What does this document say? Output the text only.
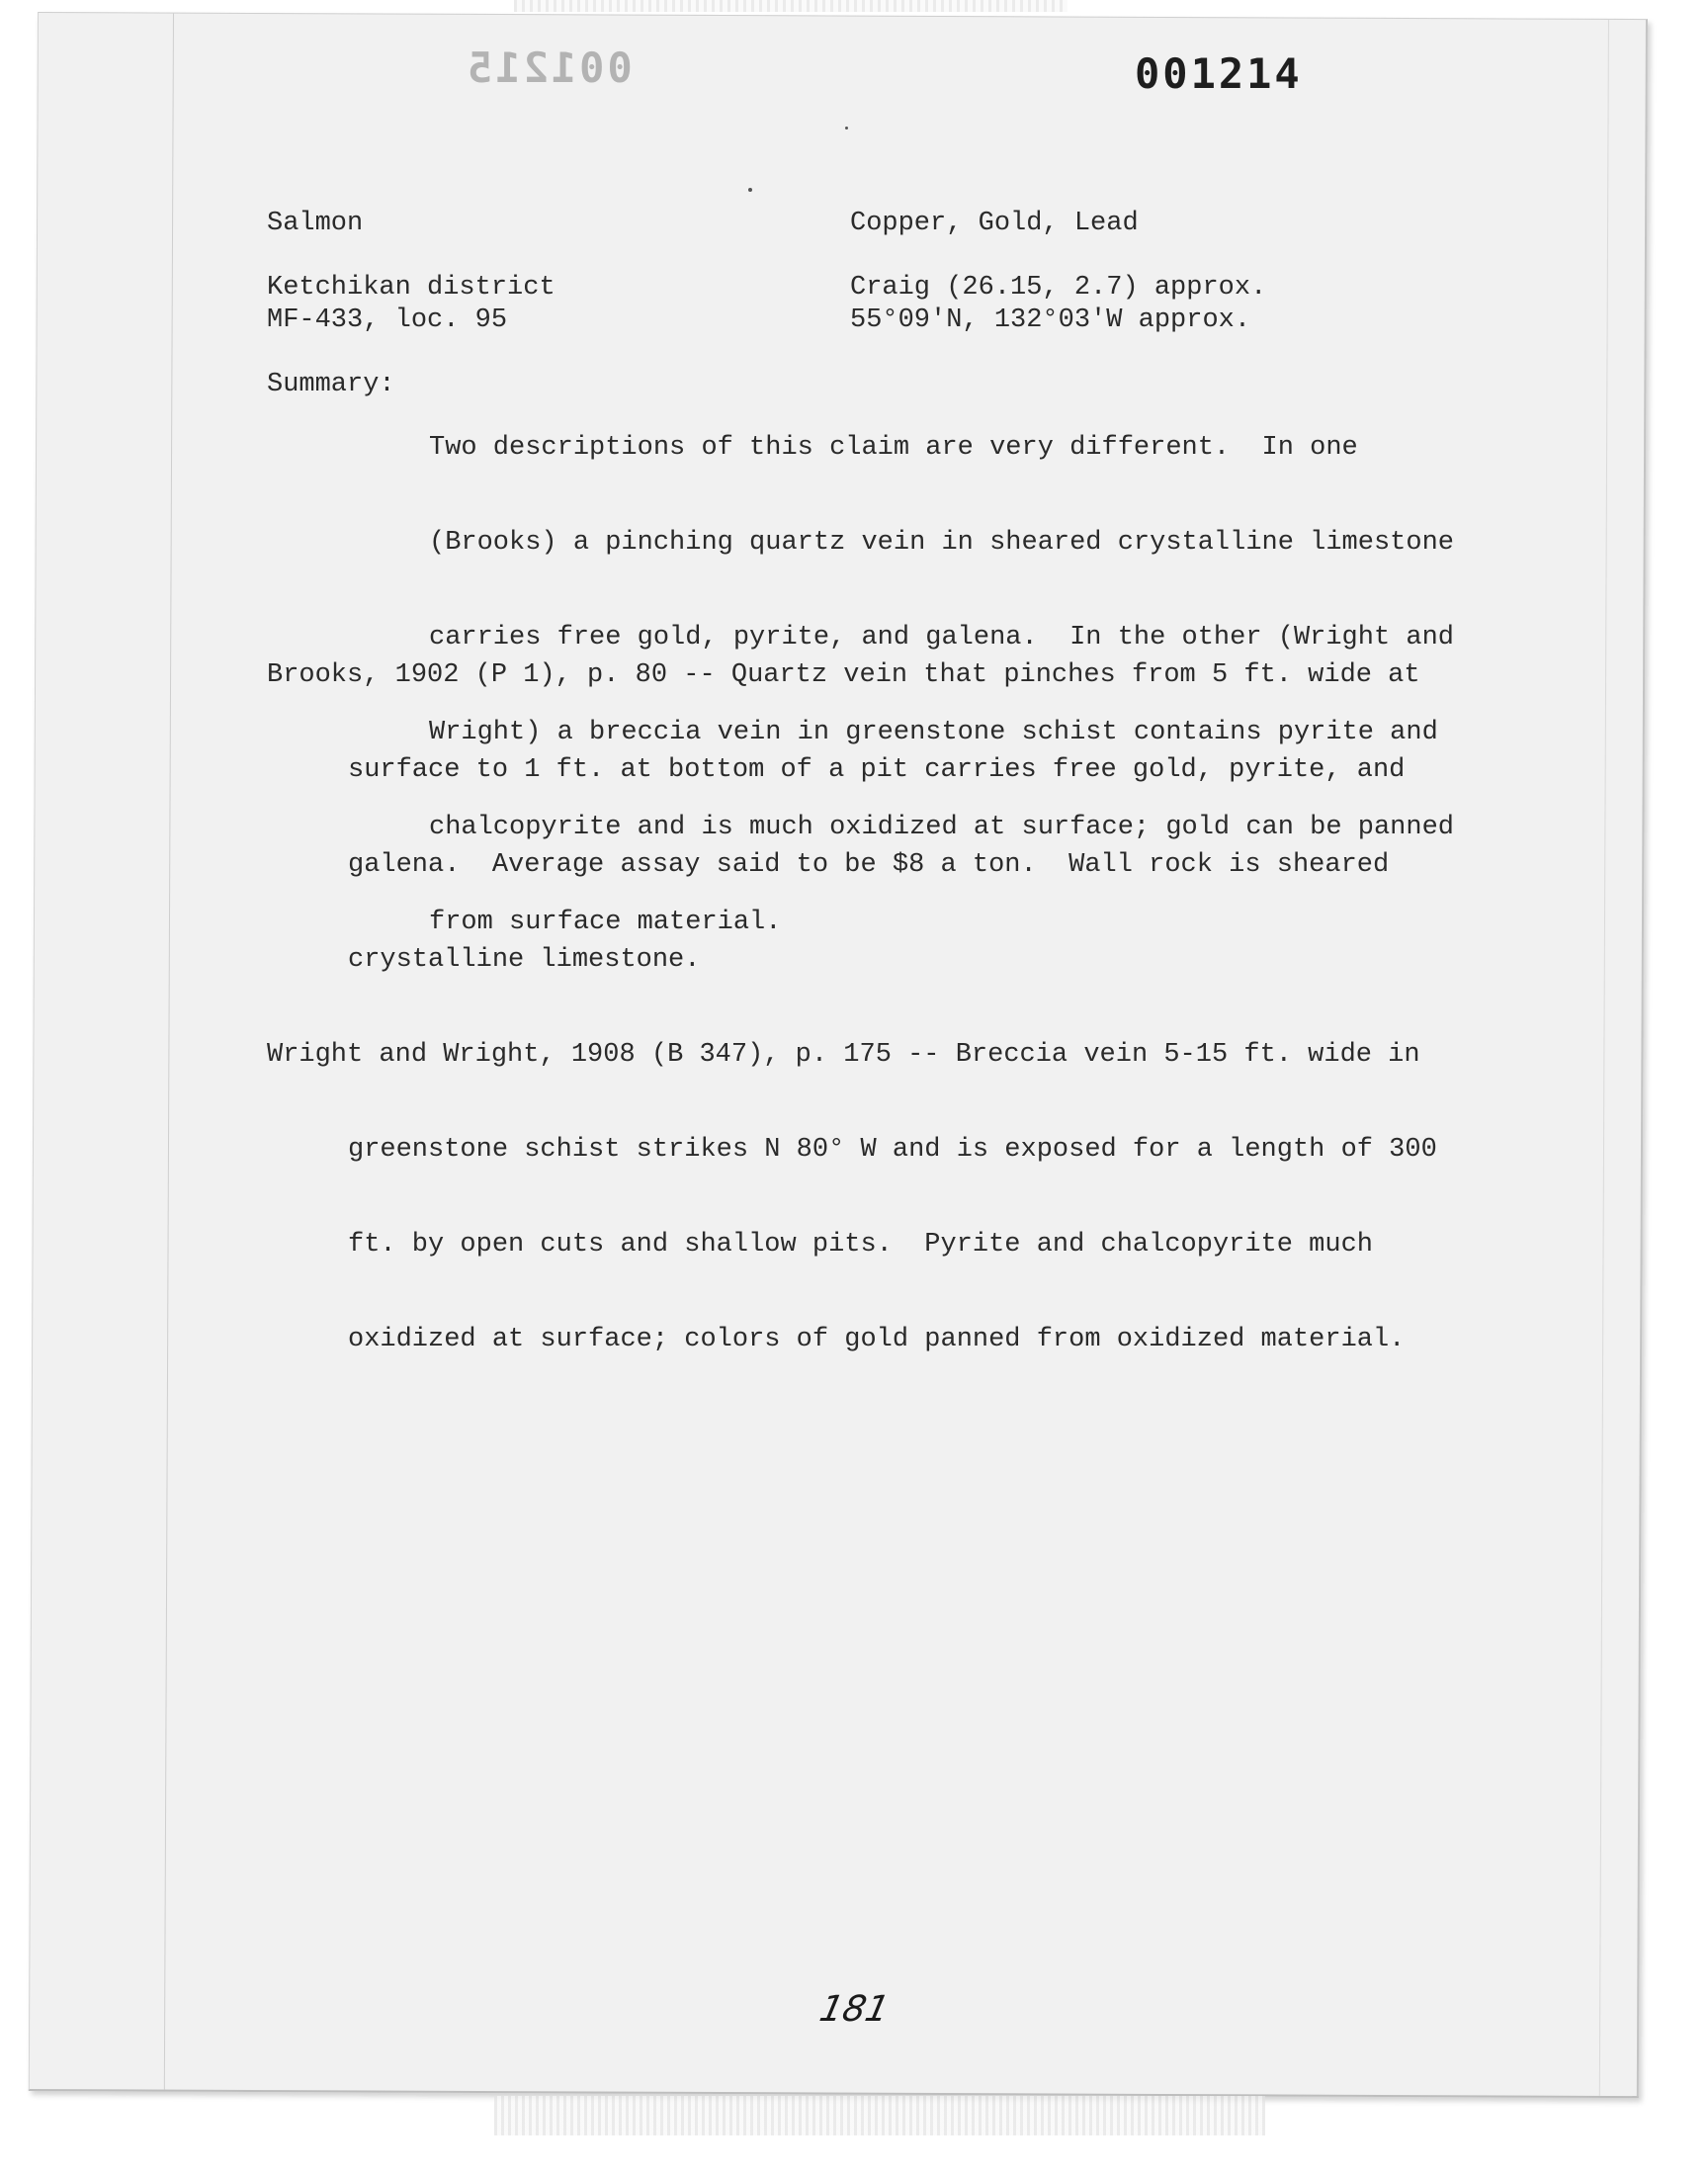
001215	001214
Salmon	Copper, Gold, Lead
Ketchikan district
MF-433, loc. 95
Craig (26.15, 2.7) approx.
55°09'N, 132°03'W approx.
Summary:

Two descriptions of this claim are very different.  In one

(Brooks) a pinching quartz vein in sheared crystalline limestone

carries free gold, pyrite, and galena.  In the other (Wright and

Wright) a breccia vein in greenstone schist contains pyrite and

chalcopyrite and is much oxidized at surface; gold can be panned

from surface material.

Brooks, 1902 (P 1), p. 80 -- Quartz vein that pinches from 5 ft. wide at

surface to 1 ft. at bottom of a pit carries free gold, pyrite, and

galena.  Average assay said to be $8 a ton.  Wall rock is sheared

crystalline limestone.

Wright and Wright, 1908 (B 347), p. 175 -- Breccia vein 5-15 ft. wide in

greenstone schist strikes N 80° W and is exposed for a length of 300

ft. by open cuts and shallow pits.  Pyrite and chalcopyrite much

oxidized at surface; colors of gold panned from oxidized material.

181
